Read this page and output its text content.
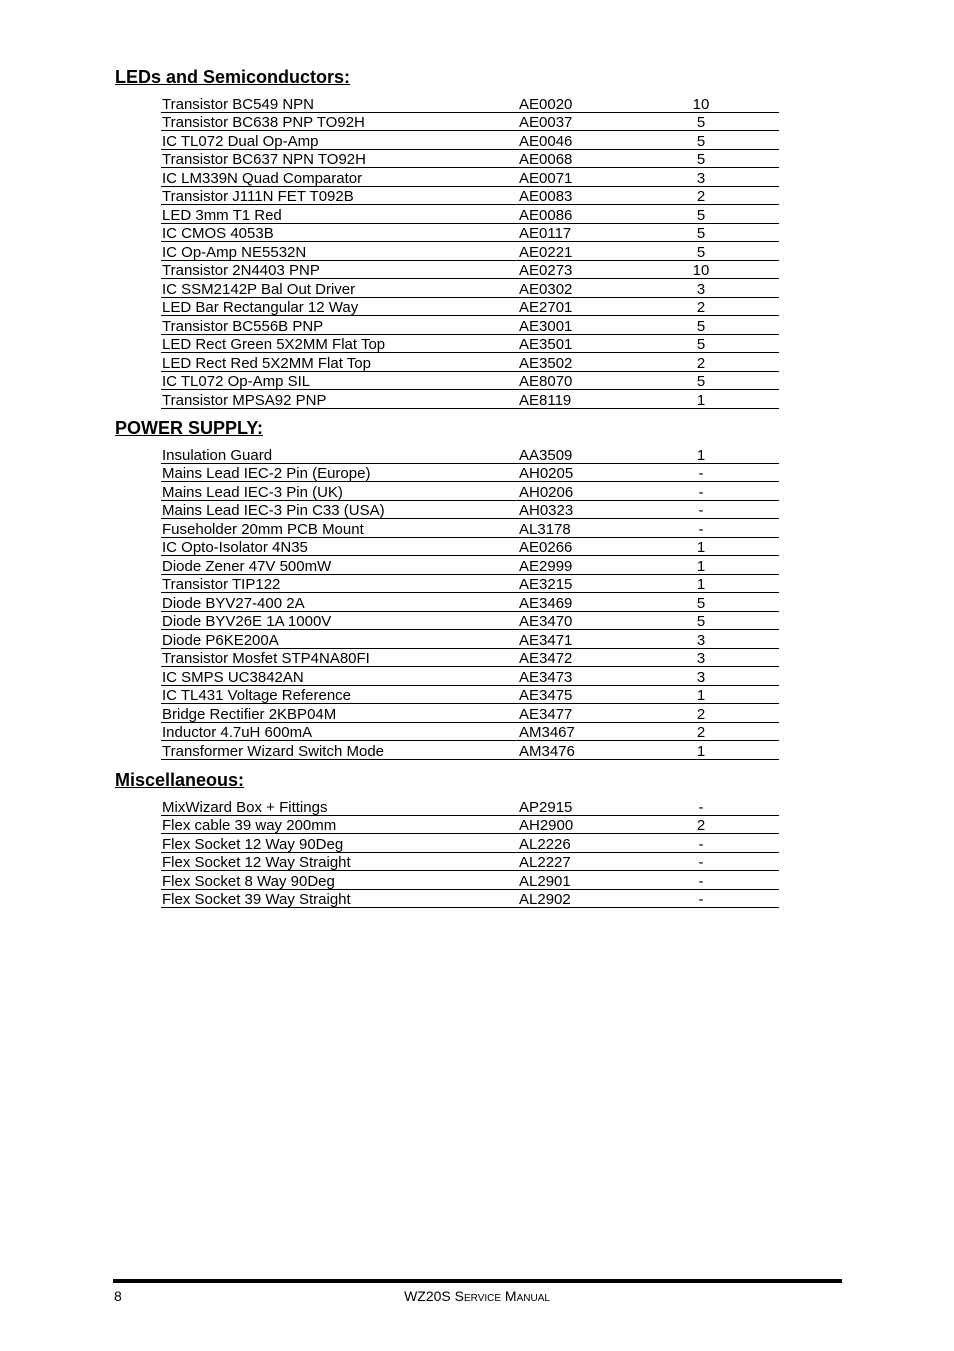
LEDs and Semiconductors:
Transistor BC549 NPN	AE0020	10
Transistor BC638 PNP TO92H	AE0037	5
IC TL072 Dual Op-Amp	AE0046	5
Transistor BC637 NPN TO92H	AE0068	5
IC LM339N Quad Comparator	AE0071	3
Transistor J111N FET T092B	AE0083	2
LED 3mm T1 Red	AE0086	5
IC CMOS 4053B	AE0117	5
IC Op-Amp NE5532N	AE0221	5
Transistor 2N4403 PNP	AE0273	10
IC SSM2142P Bal Out Driver	AE0302	3
LED Bar Rectangular 12 Way	AE2701	2
Transistor BC556B PNP	AE3001	5
LED Rect Green 5X2MM Flat Top	AE3501	5
LED Rect Red 5X2MM Flat Top	AE3502	2
IC TL072 Op-Amp SIL	AE8070	5
Transistor MPSA92 PNP	AE8119	1
POWER SUPPLY:
Insulation Guard	AA3509	1
Mains Lead IEC-2 Pin (Europe)	AH0205	-
Mains Lead IEC-3 Pin (UK)	AH0206	-
Mains Lead IEC-3 Pin C33 (USA)	AH0323	-
Fuseholder 20mm PCB Mount	AL3178	-
IC Opto-Isolator 4N35	AE0266	1
Diode Zener 47V 500mW	AE2999	1
Transistor TIP122	AE3215	1
Diode BYV27-400 2A	AE3469	5
Diode BYV26E 1A 1000V	AE3470	5
Diode P6KE200A	AE3471	3
Transistor Mosfet STP4NA80FI	AE3472	3
IC SMPS UC3842AN	AE3473	3
IC TL431 Voltage Reference	AE3475	1
Bridge Rectifier 2KBP04M	AE3477	2
Inductor 4.7uH 600mA	AM3467	2
Transformer Wizard Switch Mode	AM3476	1
Miscellaneous:
MixWizard Box + Fittings	AP2915	-
Flex cable 39 way 200mm	AH2900	2
Flex Socket 12 Way 90Deg	AL2226	-
Flex Socket 12 Way Straight	AL2227	-
Flex Socket 8 Way 90Deg	AL2901	-
Flex Socket 39 Way Straight	AL2902	-
8	WZ20S Service Manual
